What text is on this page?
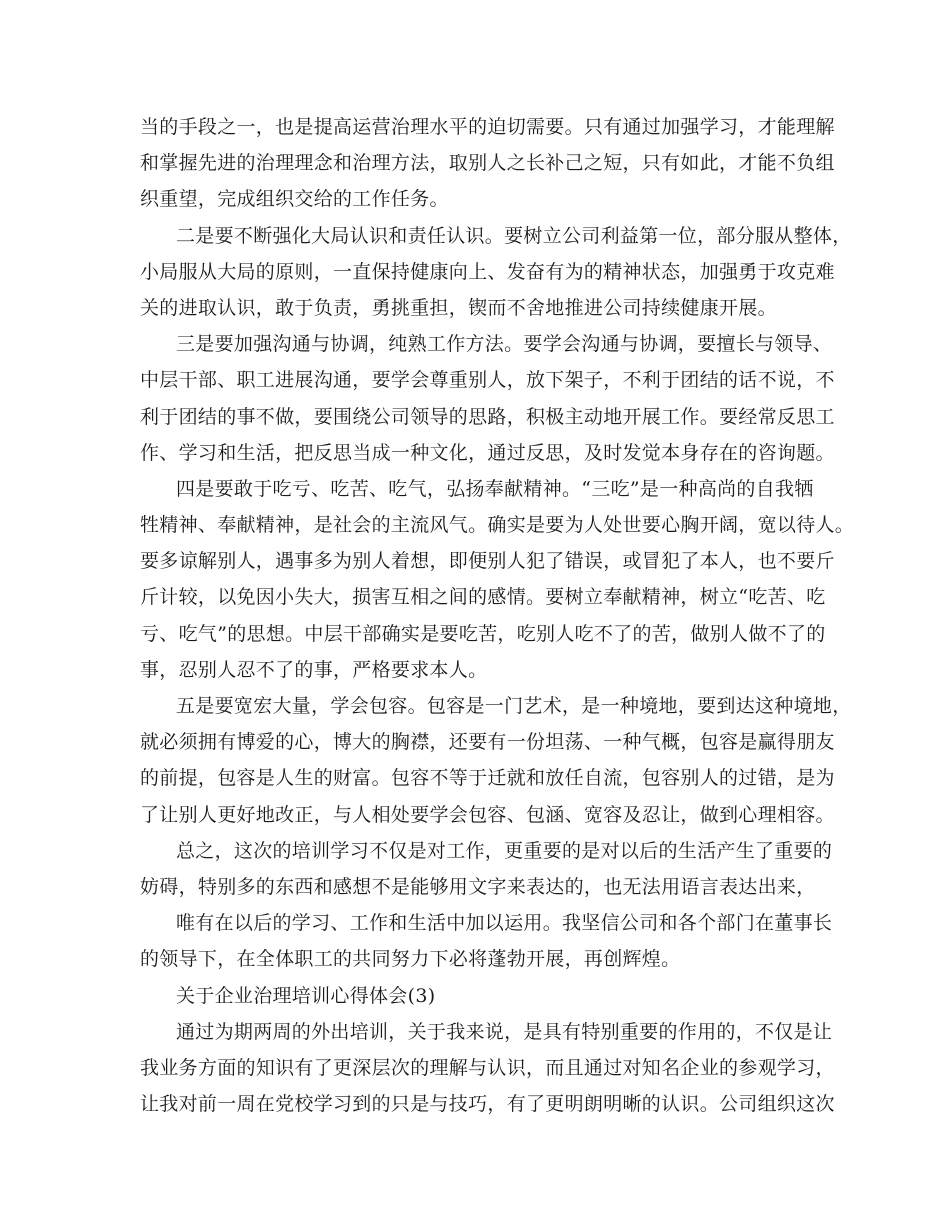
当的手段之一，也是提高运营治理水平的迫切需要。只有通过加强学习，才能理解
和掌握先进的治理理念和治理方法，取别人之长补己之短，只有如此，才能不负组
织重望，完成组织交给的工作任务。
二是要不断强化大局认识和责任认识。要树立公司利益第一位，部分服从整体，
小局服从大局的原则，一直保持健康向上、发奋有为的精神状态，加强勇于攻克难
关的进取认识，敢于负责，勇挑重担，锲而不舍地推进公司持续健康开展。
三是要加强沟通与协调，纯熟工作方法。要学会沟通与协调，要擅长与领导、
中层干部、职工进展沟通，要学会尊重别人，放下架子，不利于团结的话不说，不
利于团结的事不做，要围绕公司领导的思路，积极主动地开展工作。要经常反思工
作、学习和生活，把反思当成一种文化，通过反思，及时发觉本身存在的咨询题。
四是要敢于吃亏、吃苦、吃气，弘扬奉献精神。“三吃”是一种高尚的自我牺
牲精神、奉献精神，是社会的主流风气。确实是要为人处世要心胸开阔，宽以待人。
要多谅解别人，遇事多为别人着想，即便别人犯了错误，或冒犯了本人，也不要斤
斤计较，以免因小失大，损害互相之间的感情。要树立奉献精神，树立“吃苦、吃
亏、吃气”的思想。中层干部确实是要吃苦，吃别人吃不了的苦，做别人做不了的
事，忍别人忍不了的事，严格要求本人。
五是要宽宏大量，学会包容。包容是一门艺术，是一种境地，要到达这种境地，
就必须拥有博爱的心，博大的胸襟，还要有一份坦荡、一种气概，包容是赢得朋友
的前提，包容是人生的财富。包容不等于迁就和放任自流，包容别人的过错，是为
了让别人更好地改正，与人相处要学会包容、包涵、宽容及忍让，做到心理相容。
总之，这次的培训学习不仅是对工作，更重要的是对以后的生活产生了重要的
妨碍，特别多的东西和感想不是能够用文字来表达的，也无法用语言表达出来，
唯有在以后的学习、工作和生活中加以运用。我坚信公司和各个部门在董事长
的领导下，在全体职工的共同努力下必将蓬勃开展，再创辉煌。
关于企业治理培训心得体会(3)
通过为期两周的外出培训，关于我来说，是具有特别重要的作用的，不仅是让
我业务方面的知识有了更深层次的理解与认识，而且通过对知名企业的参观学习，
让我对前一周在党校学习到的只是与技巧，有了更明朗明晰的认识。公司组织这次
